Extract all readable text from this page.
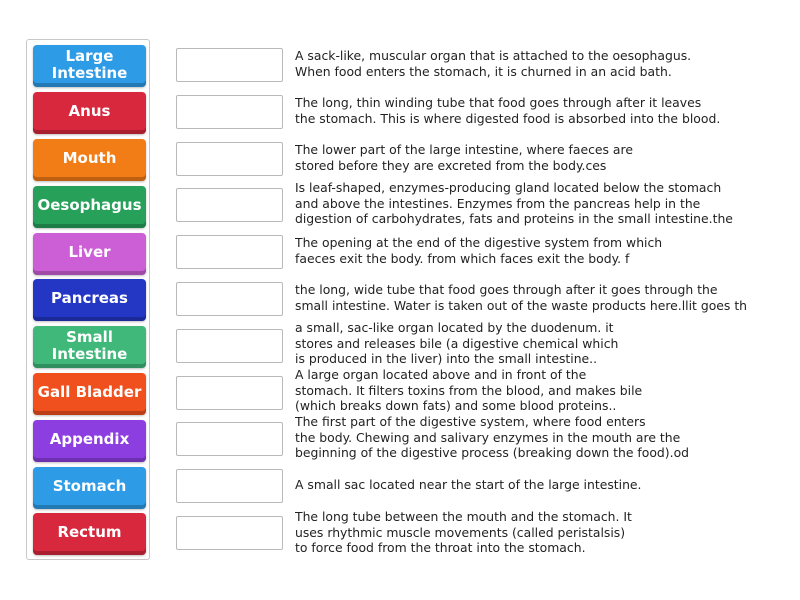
Large
Intestine
Anus
Mouth
Oesophagus
Liver
Pancreas
Small
Intestine
Gall Bladder
Appendix
Stomach
Rectum
A sack-like, muscular organ that is attached to the oesophagus.
When food enters the stomach, it is churned in an acid bath.
The long, thin winding tube that food goes through after it leaves
the stomach. This is where digested food is absorbed into the blood.
The lower part of the large intestine, where faeces are
stored before they are excreted from the body.ces
Is leaf-shaped, enzymes-producing gland located below the stomach
and above the intestines. Enzymes from the pancreas help in the
digestion of carbohydrates, fats and proteins in the small intestine.the
The opening at the end of the digestive system from which
faeces exit the body. from which faces exit the body. f
the long, wide tube that food goes through after it goes through the
small intestine. Water is taken out of the waste products here.llit goes th
a small, sac-like organ located by the duodenum. it
stores and releases bile (a digestive chemical which
is produced in the liver) into the small intestine..
A large organ located above and in front of the
stomach. It filters toxins from the blood, and makes bile
(which breaks down fats) and some blood proteins..
The first part of the digestive system, where food enters
the body. Chewing and salivary enzymes in the mouth are the
beginning of the digestive process (breaking down the food).od
A small sac located near the start of the large intestine.
The long tube between the mouth and the stomach. It
uses rhythmic muscle movements (called peristalsis)
to force food from the throat into the stomach.
